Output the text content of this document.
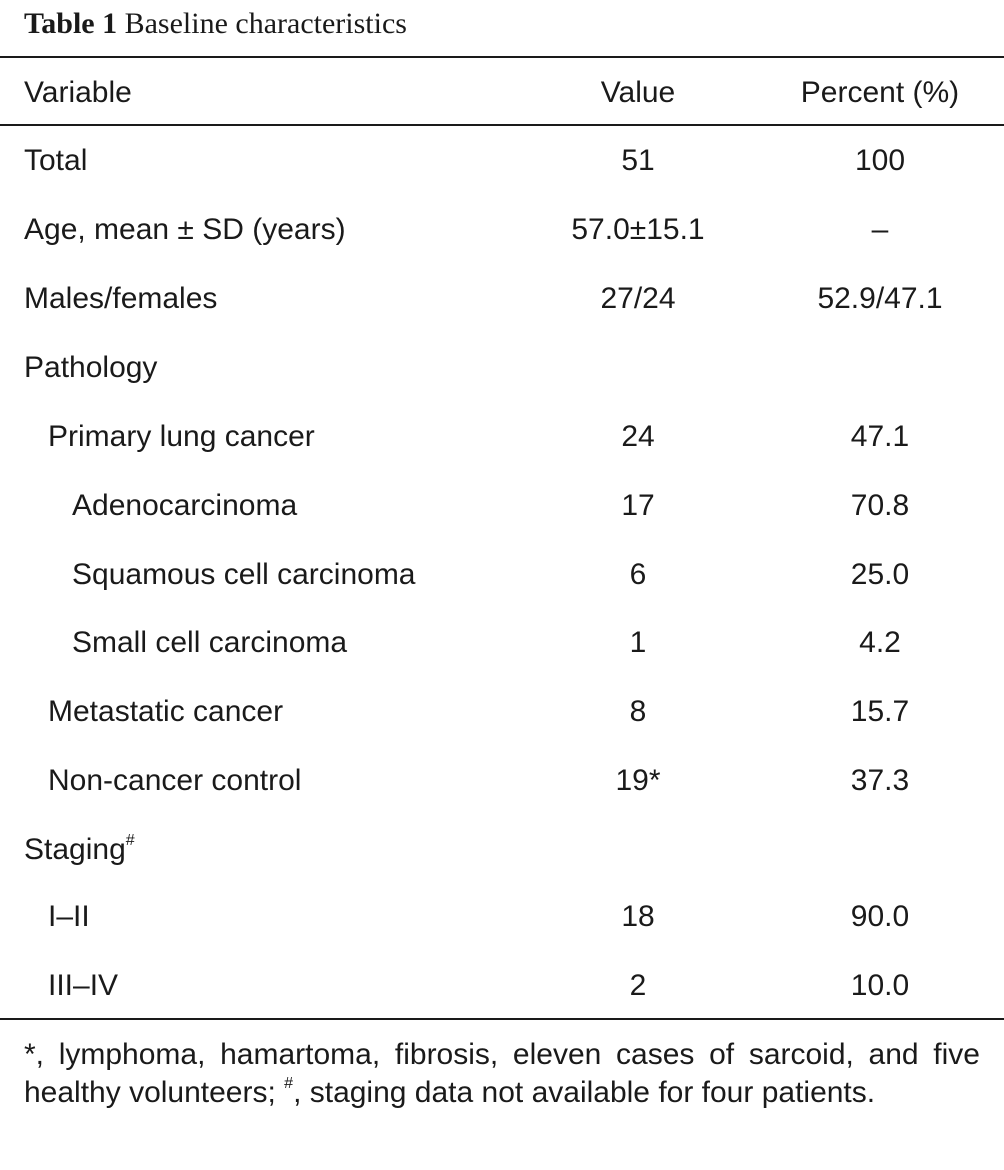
Table 1 Baseline characteristics
Variable	Value	Percent (%)
Total	51	100
Age, mean ± SD (years)	57.0±15.1	–
Males/females	27/24	52.9/47.1
Pathology
Primary lung cancer	24	47.1
Adenocarcinoma	17	70.8
Squamous cell carcinoma	6	25.0
Small cell carcinoma	1	4.2
Metastatic cancer	8	15.7
Non-cancer control	19*	37.3
Staging#
I–II	18	90.0
III–IV	2	10.0
*, lymphoma, hamartoma, fibrosis, eleven cases of sarcoid, and five healthy volunteers; #, staging data not available for four patients.
